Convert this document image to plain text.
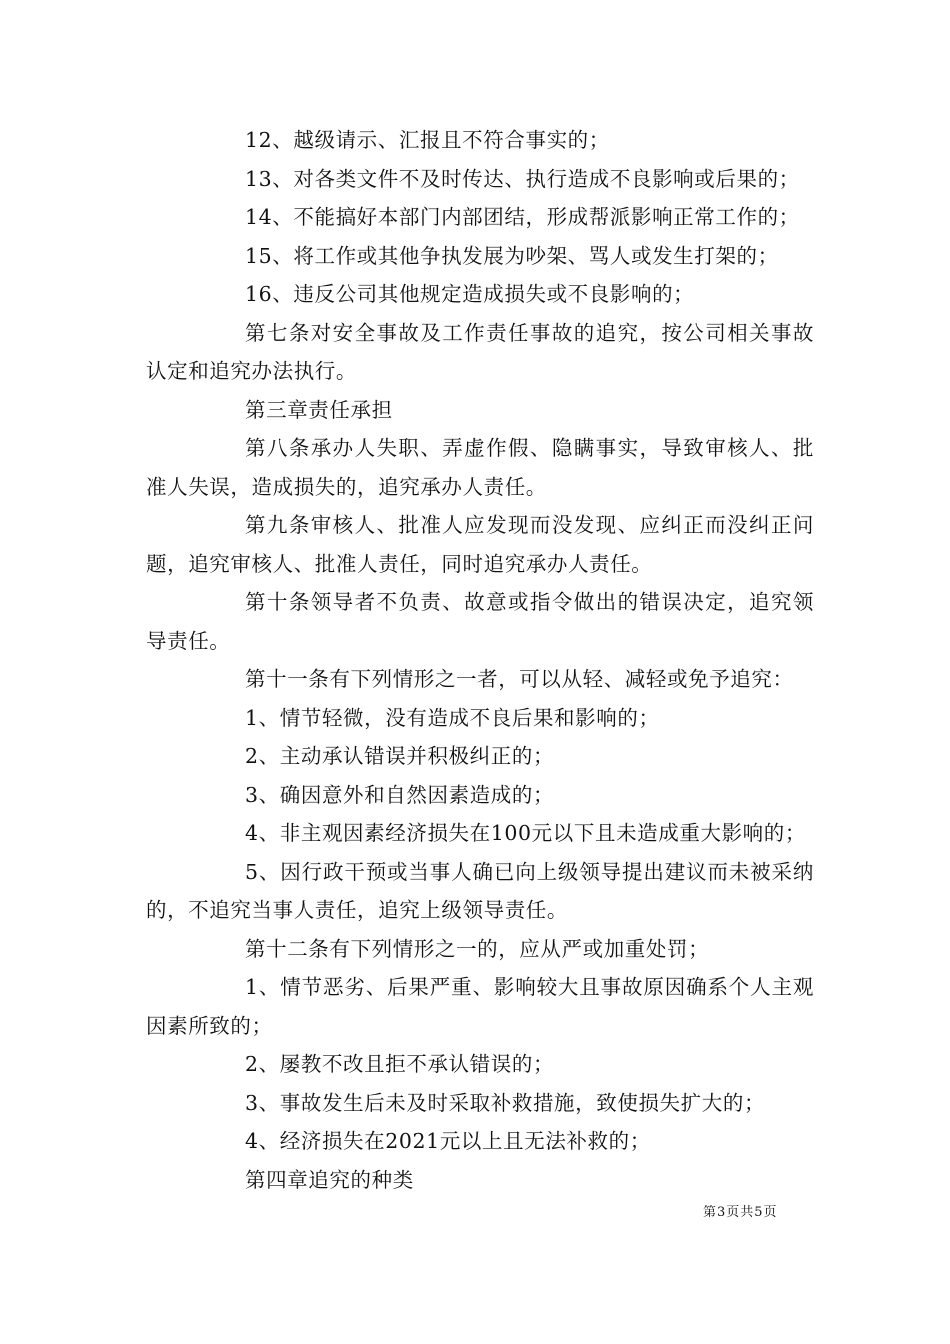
12、越级请示、汇报且不符合事实的；

13、对各类文件不及时传达、执行造成不良影响或后果的；

14、不能搞好本部门内部团结，形成帮派影响正常工作的；

15、将工作或其他争执发展为吵架、骂人或发生打架的；

16、违反公司其他规定造成损失或不良影响的；

第七条对安全事故及工作责任事故的追究，按公司相关事故认定和追究办法执行。

第三章责任承担

第八条承办人失职、弄虚作假、隐瞒事实，导致审核人、批准人失误，造成损失的，追究承办人责任。

第九条审核人、批准人应发现而没发现、应纠正而没纠正问题，追究审核人、批准人责任，同时追究承办人责任。

第十条领导者不负责、故意或指令做出的错误决定，追究领导责任。

第十一条有下列情形之一者，可以从轻、减轻或免予追究：

1、情节轻微，没有造成不良后果和影响的；

2、主动承认错误并积极纠正的；

3、确因意外和自然因素造成的；

4、非主观因素经济损失在100元以下且未造成重大影响的；

5、因行政干预或当事人确已向上级领导提出建议而未被采纳的，不追究当事人责任，追究上级领导责任。

第十二条有下列情形之一的，应从严或加重处罚；

1、情节恶劣、后果严重、影响较大且事故原因确系个人主观因素所致的；

2、屡教不改且拒不承认错误的；

3、事故发生后未及时采取补救措施，致使损失扩大的；

4、经济损失在2021元以上且无法补救的；

第四章追究的种类

第3页共5页
